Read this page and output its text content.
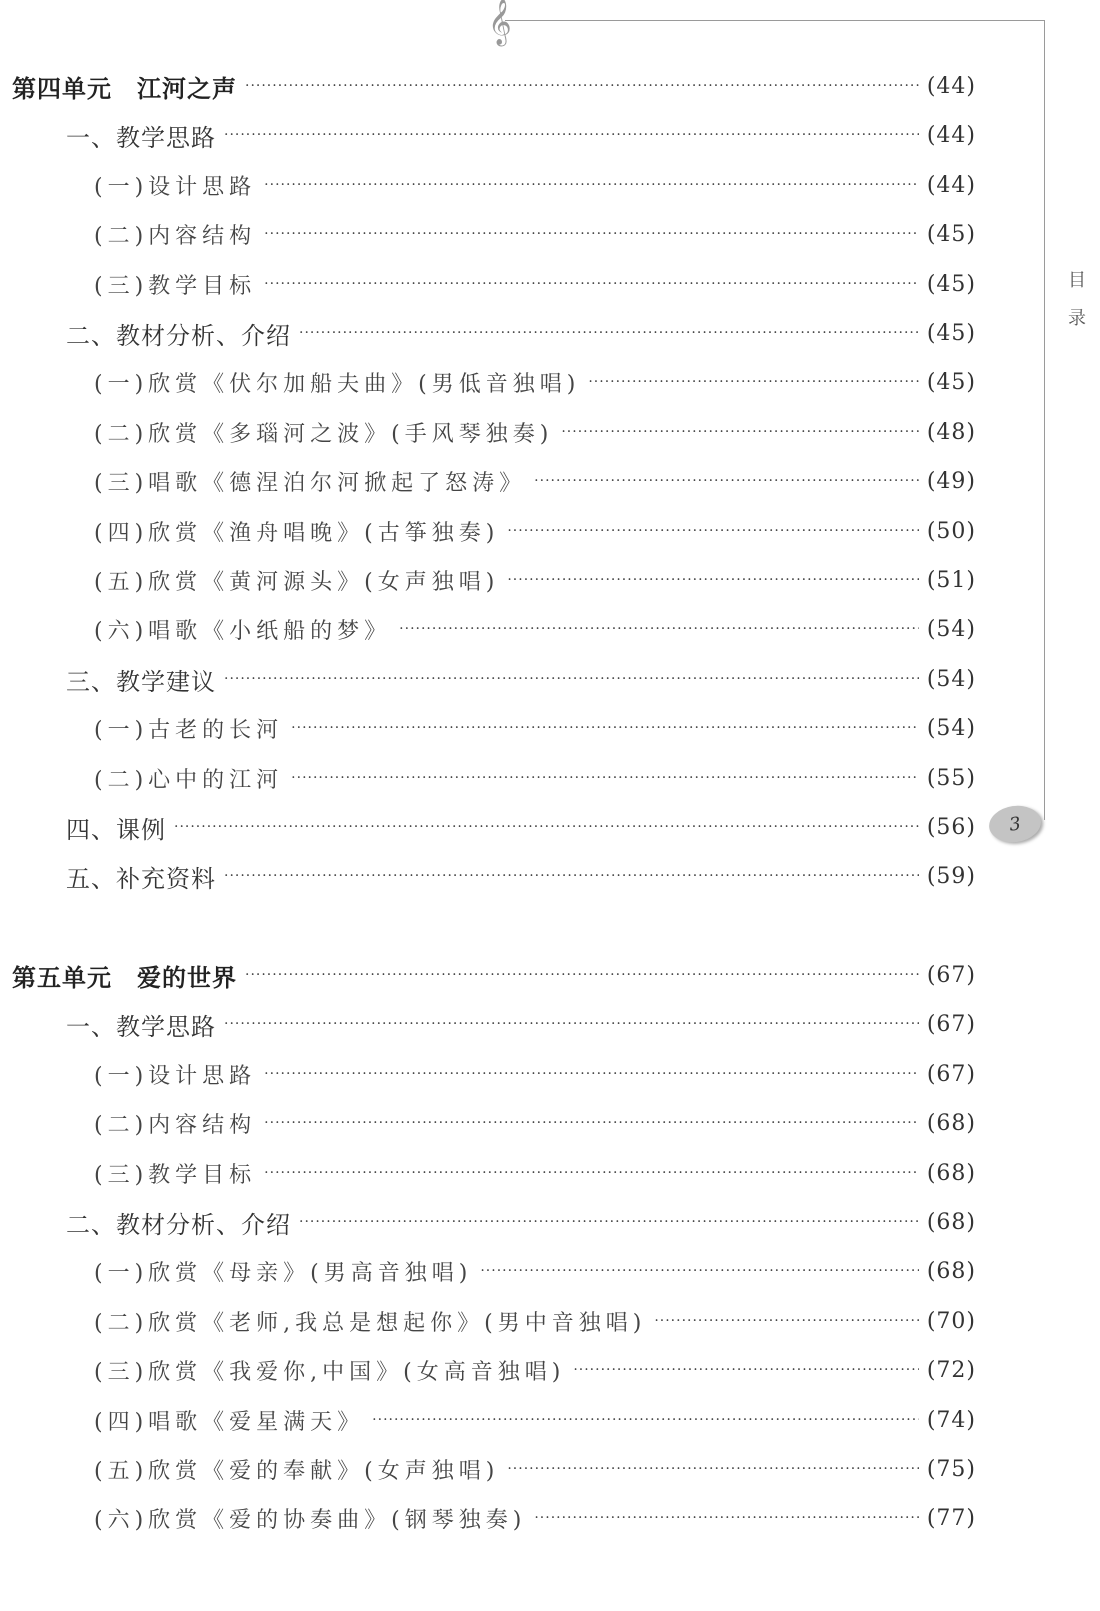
𝄞
目
录
3
第四单元　江河之声 ·····	(44)
一、教学思路 ·····	(44)
(一)设计思路 ·····	(44)
(二)内容结构 ·····	(45)
(三)教学目标 ·····	(45)
二、教材分析、介绍 ·····	(45)
(一)欣赏《伏尔加船夫曲》(男低音独唱) ·····	(45)
(二)欣赏《多瑙河之波》(手风琴独奏) ·····	(48)
(三)唱歌《德涅泊尔河掀起了怒涛》 ·····	(49)
(四)欣赏《渔舟唱晚》(古筝独奏) ·····	(50)
(五)欣赏《黄河源头》(女声独唱) ·····	(51)
(六)唱歌《小纸船的梦》 ·····	(54)
三、教学建议 ·····	(54)
(一)古老的长河 ·····	(54)
(二)心中的江河 ·····	(55)
四、课例 ·····	(56)
五、补充资料 ·····	(59)
第五单元　爱的世界 ·····	(67)
一、教学思路 ·····	(67)
(一)设计思路 ·····	(67)
(二)内容结构 ·····	(68)
(三)教学目标 ·····	(68)
二、教材分析、介绍 ·····	(68)
(一)欣赏《母亲》(男高音独唱) ·····	(68)
(二)欣赏《老师,我总是想起你》(男中音独唱) ·····	(70)
(三)欣赏《我爱你,中国》(女高音独唱) ·····	(72)
(四)唱歌《爱星满天》 ·····	(74)
(五)欣赏《爱的奉献》(女声独唱) ·····	(75)
(六)欣赏《爱的协奏曲》(钢琴独奏) ·····	(77)
